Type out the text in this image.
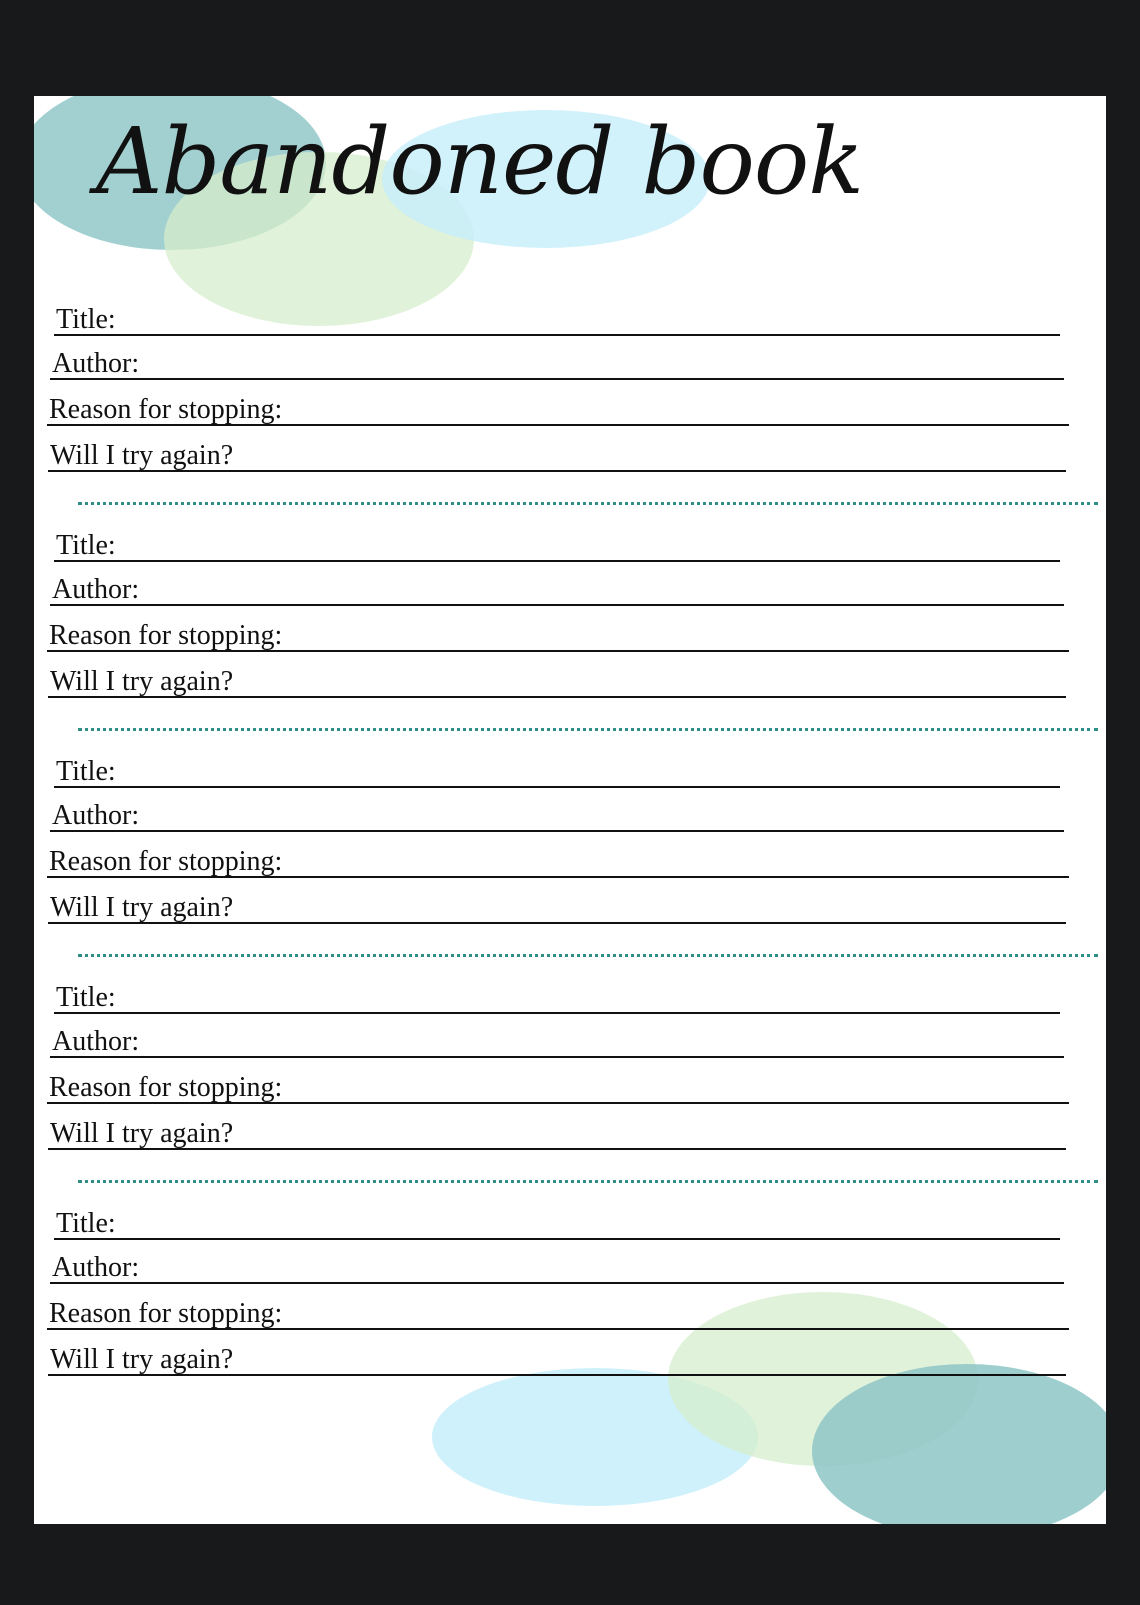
Abandoned book
Title:
Author:
Reason for stopping:
Will I try again?
Title:
Author:
Reason for stopping:
Will I try again?
Title:
Author:
Reason for stopping:
Will I try again?
Title:
Author:
Reason for stopping:
Will I try again?
Title:
Author:
Reason for stopping:
Will I try again?
